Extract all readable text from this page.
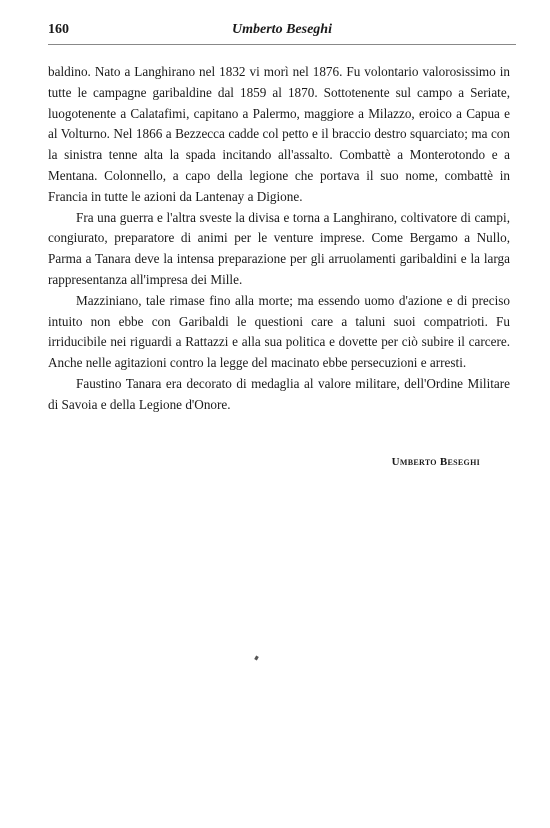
160	Umberto Beseghi

baldino. Nato a Langhirano nel 1832 vi morì nel 1876. Fu volontario valorosissimo in tutte le campagne garibaldine dal 1859 al 1870. Sottotenente sul campo a Seriate, luogotenente a Calatafimi, capitano a Palermo, maggiore a Milazzo, eroico a Capua e al Volturno. Nel 1866 a Bezzecca cadde col petto e il braccio destro squarciato; ma con la sinistra tenne alta la spada incitando all'assalto. Combattè a Monterotondo e a Mentana. Colonnello, a capo della legione che portava il suo nome, combattè in Francia in tutte le azioni da Lantenay a Digione.

Fra una guerra e l'altra svestе la divisa e torna a Langhirano, coltivatore di campi, congiurato, preparatore di animi per le venture imprese. Come Bergamo a Nullo, Parma a Tanara deve la intensa preparazione per gli arruolamenti garibaldini e la larga rappresentanza all'impresa dei Mille.

Mazziniano, tale rimase fino alla morte; ma essendo uomo d'azione e di preciso intuito non ebbe con Garibaldi le questioni care a taluni suoi compatrioti. Fu irriducibile nei riguardi a Rattazzi e alla sua politica e dovette per ciò subire il carcere. Anche nelle agitazioni contro la legge del macinato ebbe persecuzioni e arresti.

Faustino Tanara era decorato di medaglia al valore militare, dell'Ordine Militare di Savoia e della Legione d'Onore.

Umberto Beseghi
